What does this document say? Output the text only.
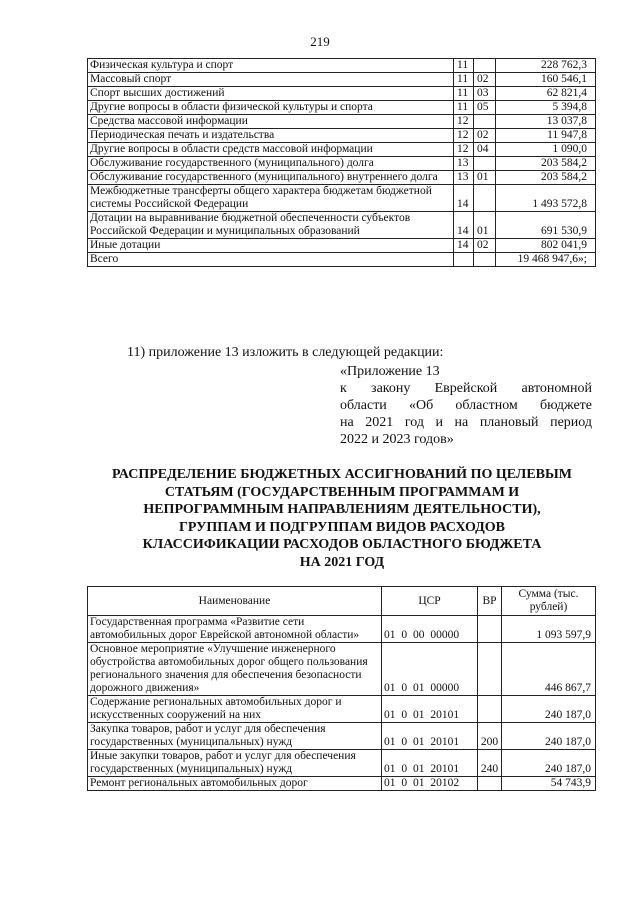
219
Физическая культура и спорт	11		228 762,3
Массовый спорт	11	02	160 546,1
Спорт высших достижений	11	03	62 821,4
Другие вопросы в области физической культуры и спорта	11	05	5 394,8
Средства массовой информации	12		13 037,8
Периодическая печать и издательства	12	02	11 947,8
Другие вопросы в области средств массовой информации	12	04	1 090,0
Обслуживание государственного (муниципального) долга	13		203 584,2
Обслуживание государственного (муниципального) внутреннего долга	13	01	203 584,2
Межбюджетные трансферты общего характера бюджетам бюджетной системы Российской Федерации	14		1 493 572,8
Дотации на выравнивание бюджетной обеспеченности субъектов Российской Федерации и муниципальных образований	14	01	691 530,9
Иные дотации	14	02	802 041,9
Всего			19 468 947,6»;
11) приложение 13 изложить в следующей редакции:
«Приложение 13
к закону Еврейской автономной
области «Об областном бюджете
на 2021 год и на плановый период
2022 и 2023 годов»
РАСПРЕДЕЛЕНИЕ БЮДЖЕТНЫХ АССИГНОВАНИЙ ПО ЦЕЛЕВЫМ
СТАТЬЯМ (ГОСУДАРСТВЕННЫМ ПРОГРАММАМ И
НЕПРОГРАММНЫМ НАПРАВЛЕНИЯМ ДЕЯТЕЛЬНОСТИ),
ГРУППАМ И ПОДГРУППАМ ВИДОВ РАСХОДОВ
КЛАССИФИКАЦИИ РАСХОДОВ ОБЛАСТНОГО БЮДЖЕТА
НА 2021 ГОД
Наименование	ЦСР	ВР	Сумма (тыс. рублей)
Государственная программа «Развитие сети автомобильных дорог Еврейской автономной области»	01 0 00 00000		1 093 597,9
Основное мероприятие «Улучшение инженерного обустройства автомобильных дорог общего пользования регионального значения для обеспечения безопасности дорожного движения»	01 0 01 00000		446 867,7
Содержание региональных автомобильных дорог и искусственных сооружений на них	01 0 01 20101		240 187,0
Закупка товаров, работ и услуг для обеспечения государственных (муниципальных) нужд	01 0 01 20101	200	240 187,0
Иные закупки товаров, работ и услуг для обеспечения государственных (муниципальных) нужд	01 0 01 20101	240	240 187,0
Ремонт региональных автомобильных дорог	01 0 01 20102		54 743,9
